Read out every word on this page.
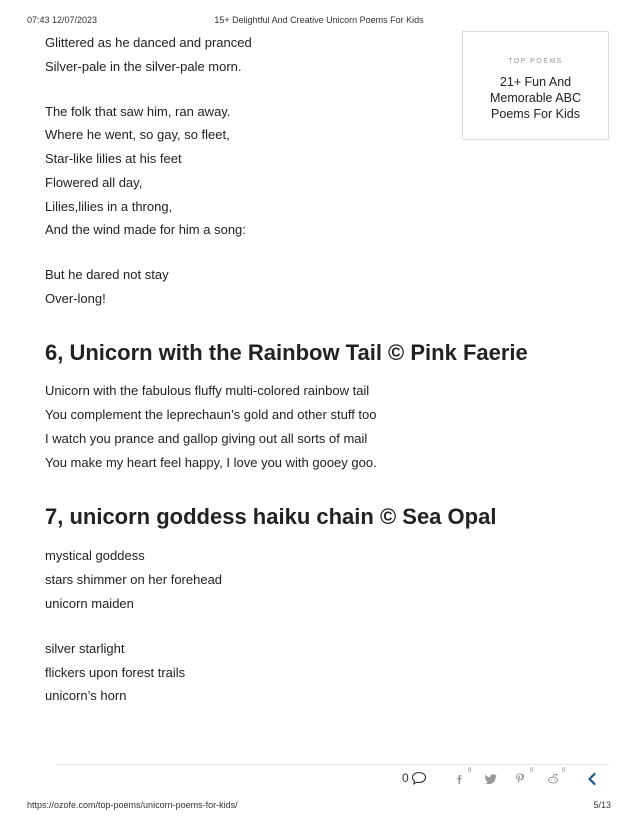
07:43 12/07/2023	15+ Delightful And Creative Unicorn Poems For Kids
Glittered as he danced and pranced
Silver-pale in the silver-pale morn.
The folk that saw him, ran away.
Where he went, so gay, so fleet,
Star-like lilies at his feet
Flowered all day,
Lilies,lilies in a throng,
And the wind made for him a song:
But he dared not stay
Over-long!
TOP POEMS
21+ Fun And Memorable ABC Poems For Kids
6, Unicorn with the Rainbow Tail © Pink Faerie
Unicorn with the fabulous fluffy multi-colored rainbow tail
You complement the leprechaun’s gold and other stuff too
I watch you prance and gallop giving out all sorts of mail
You make my heart feel happy, I love you with gooey goo.
7, unicorn goddess haiku chain © Sea Opal
mystical goddess
stars shimmer on her forehead
unicorn maiden
silver starlight
flickers upon forest trails
unicorn’s horn
0	0	0	0
https://ozofe.com/top-poems/unicorn-poems-for-kids/	5/13
